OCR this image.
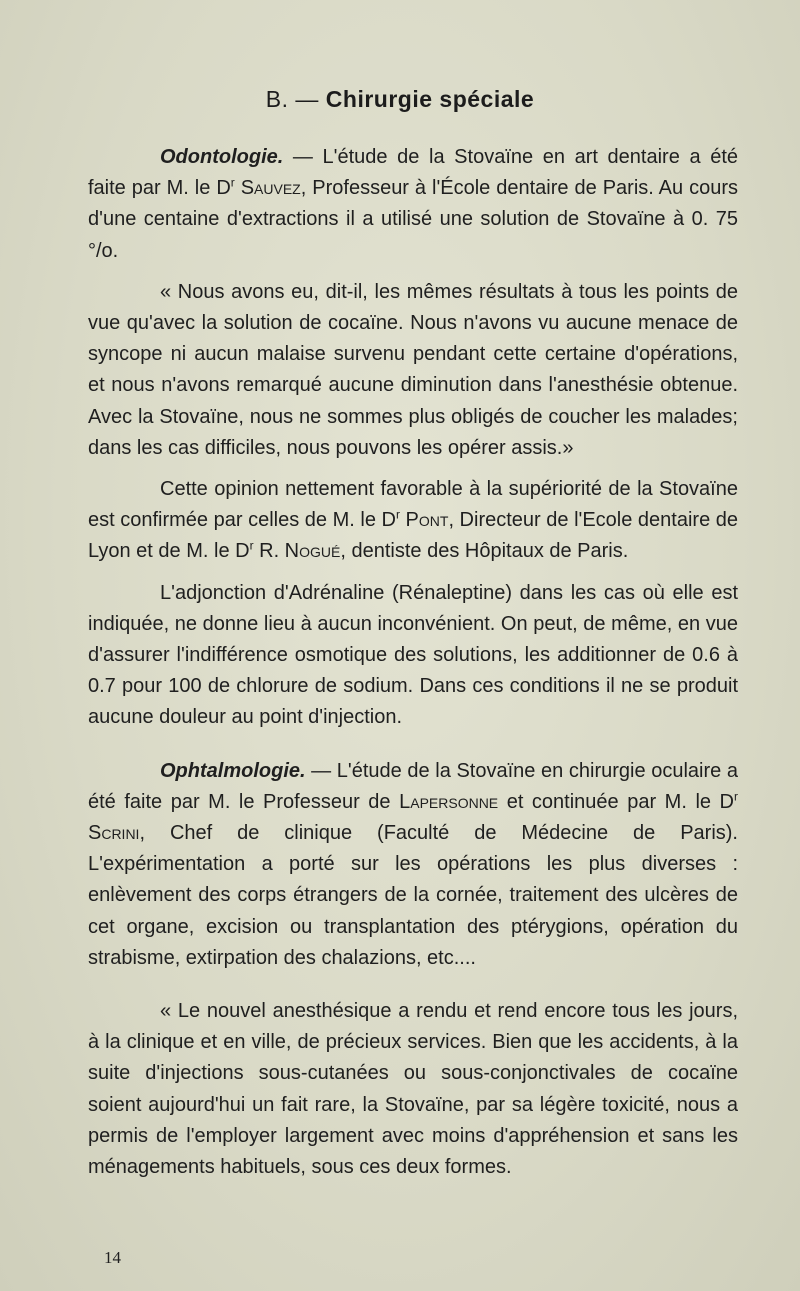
B. — Chirurgie spéciale

Odontologie. — L'étude de la Stovaïne en art dentaire a été faite par M. le $D^r$ Sauvez, Professeur à l'École dentaire de Paris. Au cours d'une centaine d'extractions il a utilisé une solution de Stovaïne à 0. 75 °/o.

« Nous avons eu, dit-il, les mêmes résultats à tous les points de vue qu'avec la solution de cocaïne. Nous n'avons vu aucune menace de syncope ni aucun malaise survenu pendant cette certaine d'opérations, et nous n'avons remarqué aucune diminution dans l'anesthésie obtenue. Avec la Stovaïne, nous ne sommes plus obligés de coucher les malades; dans les cas difficiles, nous pouvons les opérer assis.»

Cette opinion nettement favorable à la supériorité de la Stovaïne est confirmée par celles de M. le $D^r$ Pont, Directeur de l'Ecole dentaire de Lyon et de M. le $D^r$ R. Nogué, dentiste des Hôpitaux de Paris.

L'adjonction d'Adrénaline (Rénaleptine) dans les cas où elle est indiquée, ne donne lieu à aucun inconvénient. On peut, de même, en vue d'assurer l'indifférence osmotique des solutions, les additionner de 0.6 à 0.7 pour 100 de chlorure de sodium. Dans ces conditions il ne se produit aucune douleur au point d'injection.

Ophtalmologie. — L'étude de la Stovaïne en chirurgie oculaire a été faite par M. le Professeur de Lapersonne et continuée par M. le $D^r$ Scrini, Chef de clinique (Faculté de Médecine de Paris). L'expérimentation a porté sur les opérations les plus diverses : enlèvement des corps étrangers de la cornée, traitement des ulcères de cet organe, excision ou transplantation des ptérygions, opération du strabisme, extirpation des chalazions, etc....

« Le nouvel anesthésique a rendu et rend encore tous les jours, à la clinique et en ville, de précieux services. Bien que les accidents, à la suite d'injections sous-cutanées ou sous-conjonctivales de cocaïne soient aujourd'hui un fait rare, la Stovaïne, par sa légère toxicité, nous a permis de l'employer largement avec moins d'appréhension et sans les ménagements habituels, sous ces deux formes.

14
